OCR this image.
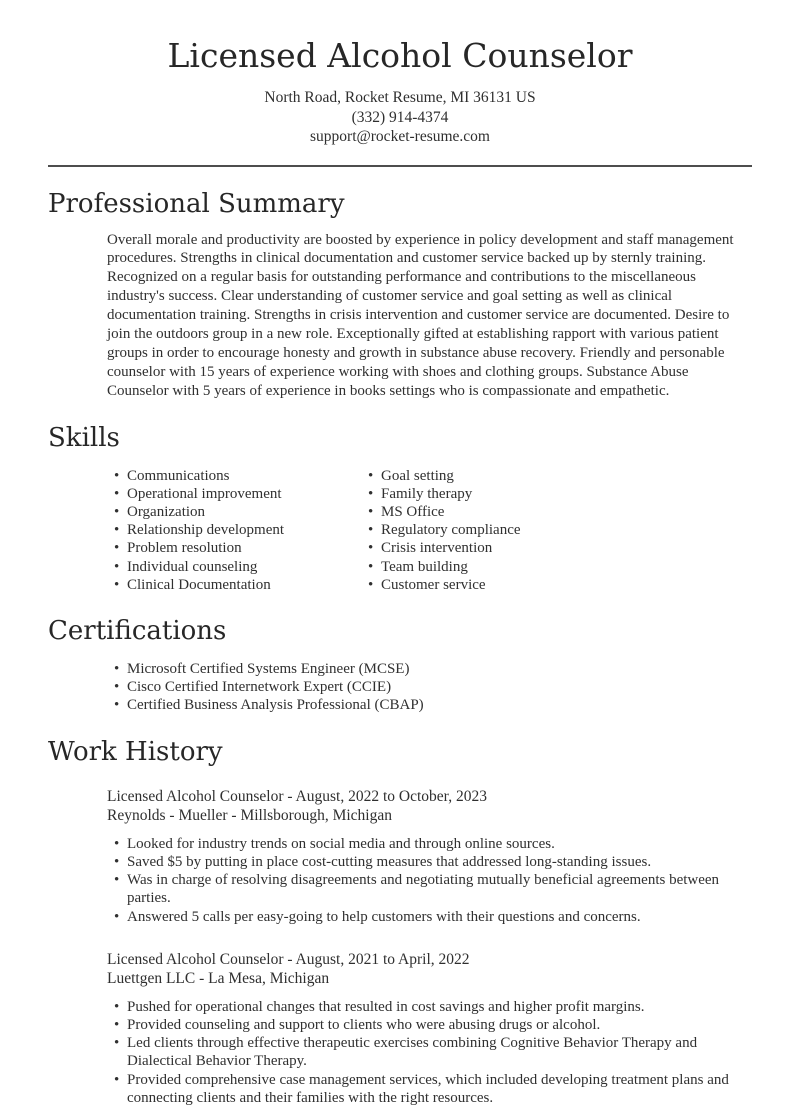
Licensed Alcohol Counselor
North Road, Rocket Resume, MI 36131 US
(332) 914-4374
support@rocket-resume.com
Professional Summary

Overall morale and productivity are boosted by experience in policy development and staff management procedures. Strengths in clinical documentation and customer service backed up by sternly training. Recognized on a regular basis for outstanding performance and contributions to the miscellaneous industry's success. Clear understanding of customer service and goal setting as well as clinical documentation training. Strengths in crisis intervention and customer service are documented. Desire to join the outdoors group in a new role. Exceptionally gifted at establishing rapport with various patient groups in order to encourage honesty and growth in substance abuse recovery. Friendly and personable counselor with 15 years of experience working with shoes and clothing groups. Substance Abuse Counselor with 5 years of experience in books settings who is compassionate and empathetic.

Skills
• Communications
• Operational improvement
• Organization
• Relationship development
• Problem resolution
• Individual counseling
• Clinical Documentation
• Goal setting
• Family therapy
• MS Office
• Regulatory compliance
• Crisis intervention
• Team building
• Customer service
Certifications
• Microsoft Certified Systems Engineer (MCSE)
• Cisco Certified Internetwork Expert (CCIE)
• Certified Business Analysis Professional (CBAP)
Work History
Licensed Alcohol Counselor - August, 2022 to October, 2023
Reynolds - Mueller - Millsborough, Michigan
• Looked for industry trends on social media and through online sources.
• Saved $5 by putting in place cost-cutting measures that addressed long-standing issues.
• Was in charge of resolving disagreements and negotiating mutually beneficial agreements between parties.
• Answered 5 calls per easy-going to help customers with their questions and concerns.
Licensed Alcohol Counselor - August, 2021 to April, 2022
Luettgen LLC - La Mesa, Michigan
• Pushed for operational changes that resulted in cost savings and higher profit margins.
• Provided counseling and support to clients who were abusing drugs or alcohol.
• Led clients through effective therapeutic exercises combining Cognitive Behavior Therapy and Dialectical Behavior Therapy.
• Provided comprehensive case management services, which included developing treatment plans and connecting clients and their families with the right resources.
